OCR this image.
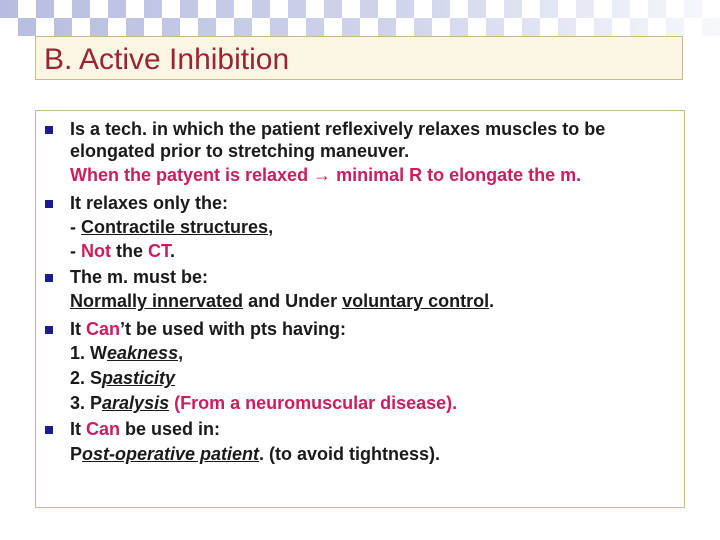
B. Active Inhibition
Is a tech. in which the patient reflexively relaxes muscles to be
elongated prior to stretching maneuver.
When the patyent is relaxed → minimal R to elongate the m.
It relaxes only the:
- Contractile structures,
- Not the CT.
The m. must be:
Normally innervated and Under voluntary control.
It Can’t be used with pts having:
1. Weakness,
2. Spasticity
3. Paralysis (From a neuromuscular disease).
It Can be used in:
Post-operative patient. (to avoid tightness).
